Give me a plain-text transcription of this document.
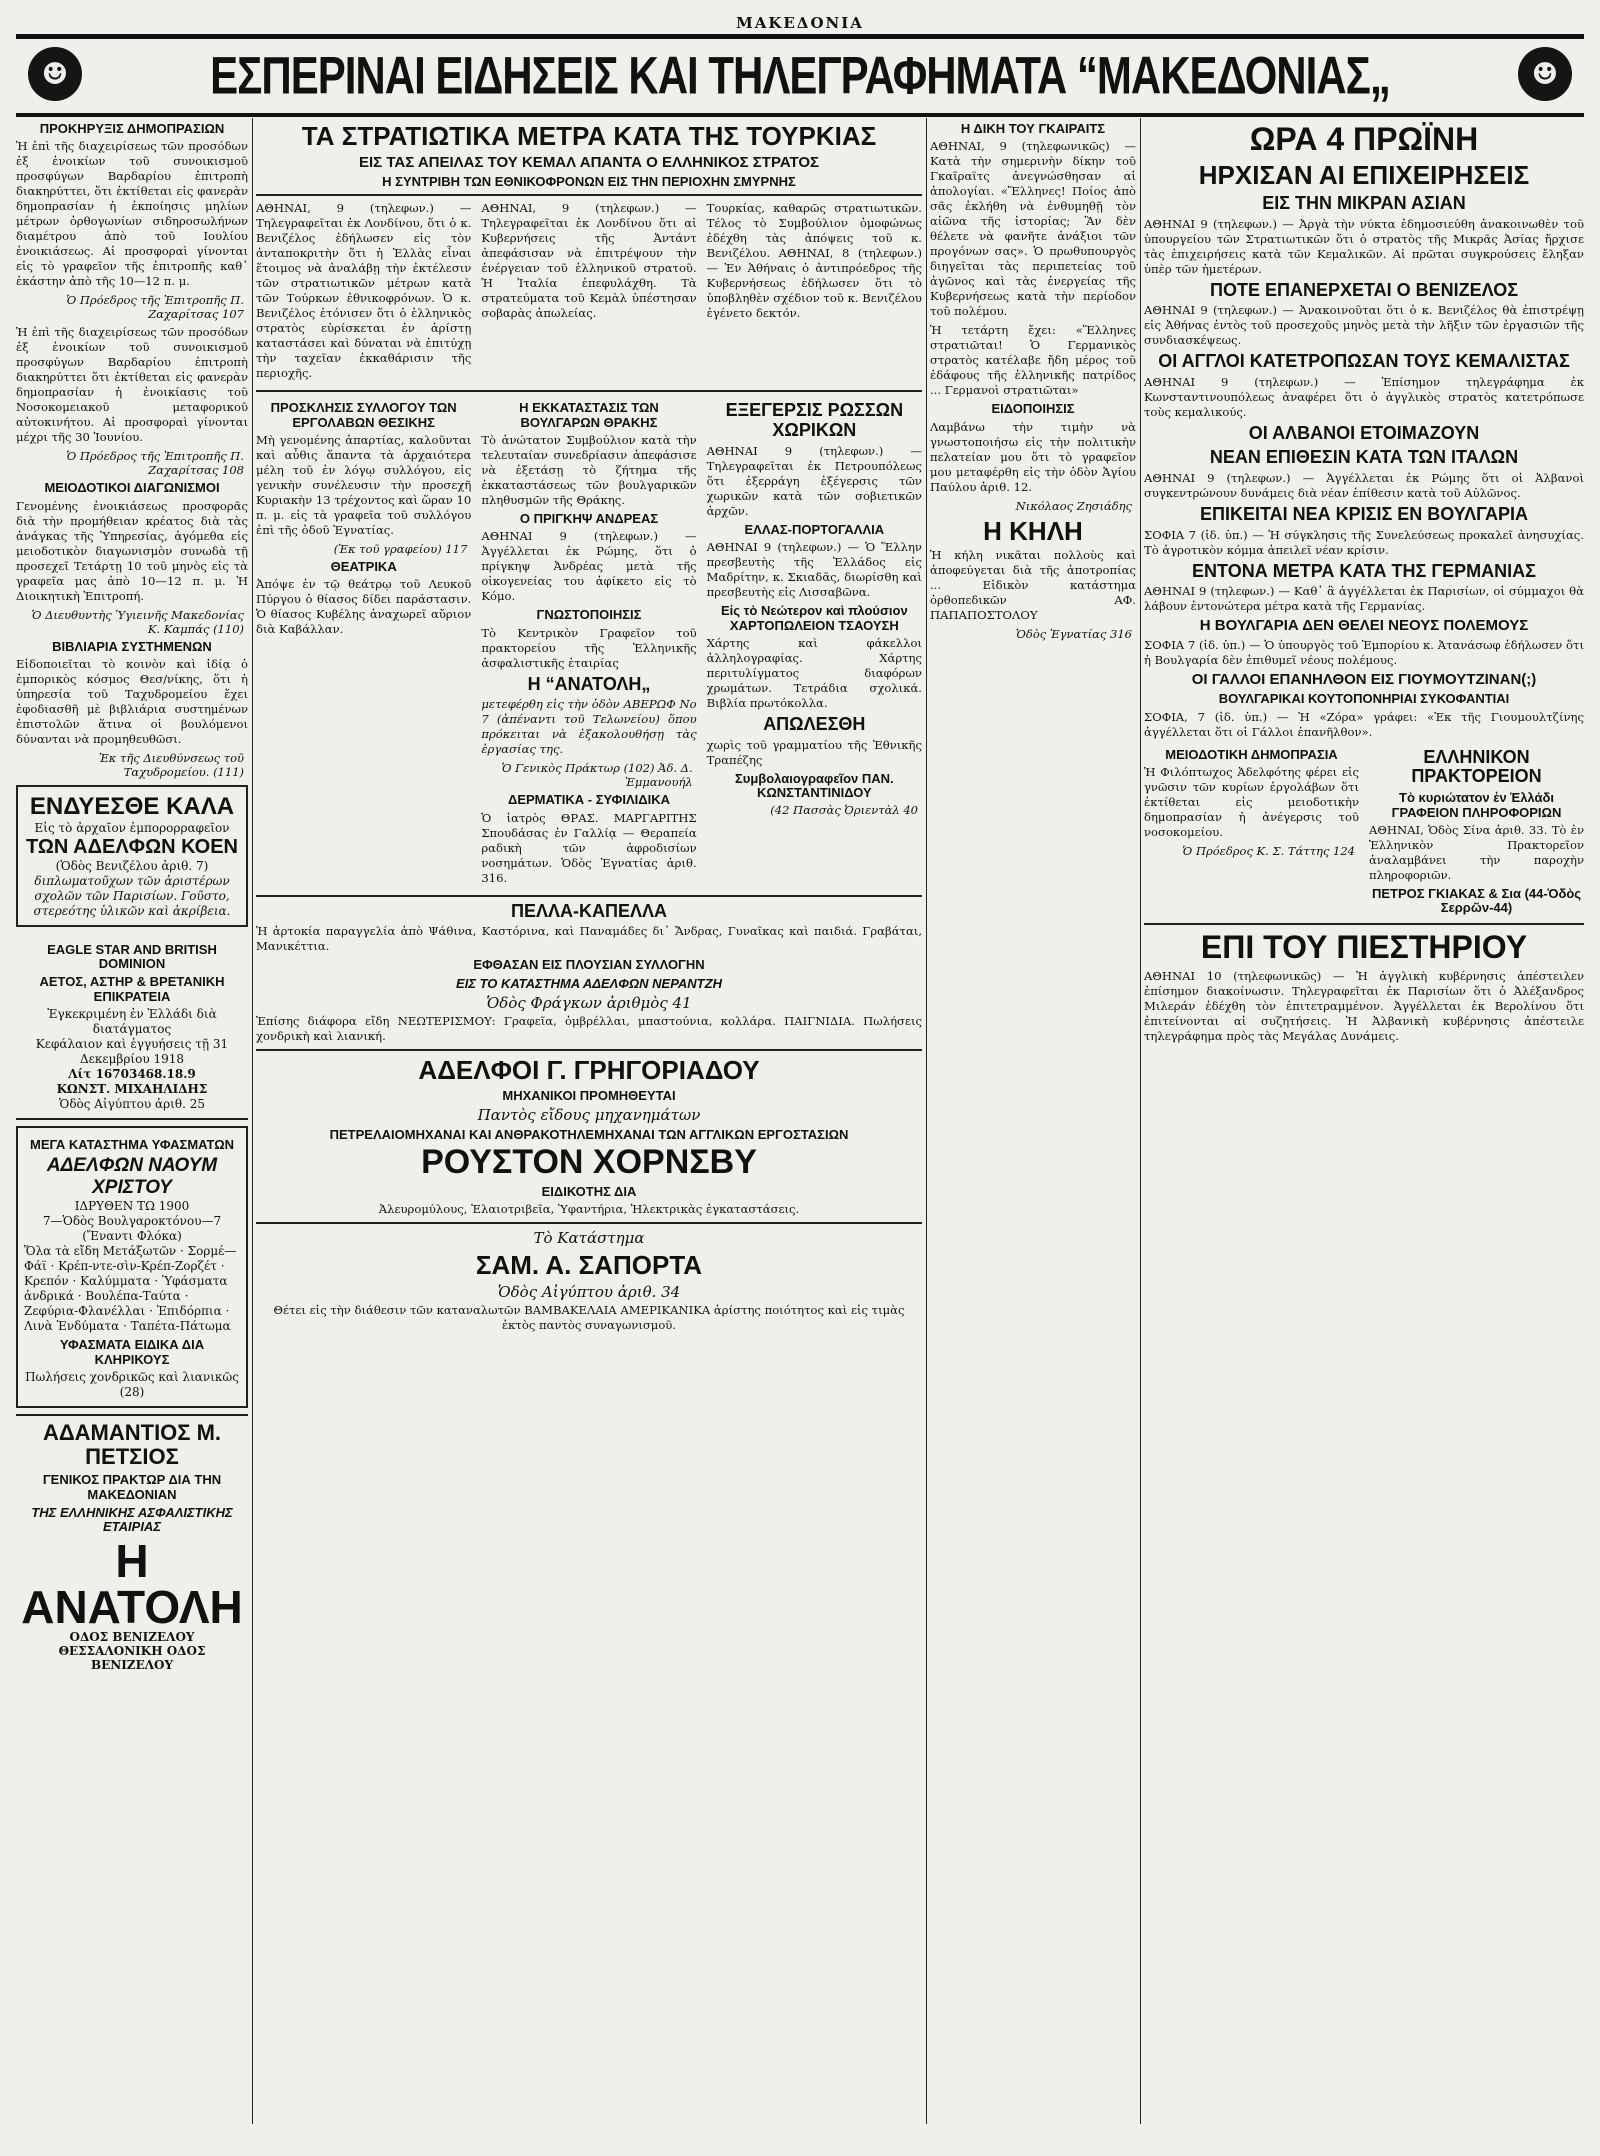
ΜΑΚΕΔΟΝΙΑ
☻	ΕΣΠΕΡΙΝΑΙ ΕΙΔΗΣΕΙΣ ΚΑΙ ΤΗΛΕΓΡΑΦΗΜΑΤΑ “ΜΑΚΕΔΟΝΙΑΣ„	☻
ΠΡΟΚΗΡΥΞΙΣ ΔΗΜΟΠΡΑΣΙΩΝ

Ἡ ἐπὶ τῆς διαχειρίσεως τῶν προσόδων ἐξ ἐνοικίων τοῦ συνοικισμοῦ προσφύγων Βαρδαρίου ἐπιτροπὴ διακηρύττει, ὅτι ἐκτίθεται εἰς φανερὰν δημοπρασίαν ἡ ἐκποίησις μηλίων μέτρων ὀρθογωνίων σιδηροσωλήνων διαμέτρου ἀπὸ τοῦ Ιουλίου ἐνοικιάσεως. Αἱ προσφοραὶ γίνονται εἰς τὸ γραφεῖον τῆς ἐπιτροπῆς καθ᾽ ἑκάστην ἀπὸ τῆς 10—12 π. μ.

Ὁ Πρόεδρος τῆς Ἐπιτροπῆς Π. Ζαχαρίτσας 107

Ἡ ἐπὶ τῆς διαχειρίσεως τῶν προσόδων ἐξ ἐνοικίων τοῦ συνοικισμοῦ προσφύγων Βαρδαρίου ἐπιτροπὴ διακηρύττει ὅτι ἐκτίθεται εἰς φανερὰν δημοπρασίαν ἡ ἐνοικίασις τοῦ Νοσοκομειακοῦ μεταφορικοῦ αὐτοκινήτου. Αἱ προσφοραὶ γίνονται μέχρι τῆς 30 Ἰουνίου.

Ὁ Πρόεδρος τῆς Ἐπιτροπῆς Π. Ζαχαρίτσας 108
ΜΕΙΟΔΟΤΙΚΟΙ ΔΙΑΓΩΝΙΣΜΟΙ

Γενομένης ἐνοικιάσεως προσφορᾶς διὰ τὴν προμήθειαν κρέατος διὰ τὰς ἀνάγκας τῆς Ὑπηρεσίας, ἀγόμεθα εἰς μειοδοτικὸν διαγωνισμὸν συνωδὰ τῇ προσεχεῖ Τετάρτῃ 10 τοῦ μηνὸς εἰς τὰ γραφεῖα μας ἀπὸ 10—12 π. μ. Ἡ Διοικητικὴ Ἐπιτροπή.

Ὁ Διευθυντὴς Ὑγιεινῆς Μακεδονίας Κ. Καμπάς (110)
ΒΙΒΛΙΑΡΙΑ ΣΥΣΤΗΜΕΝΩΝ

Εἰδοποιεῖται τὸ κοινὸν καὶ ἰδίᾳ ὁ ἐμπορικὸς κόσμος Θεσ/νίκης, ὅτι ἡ ὑπηρεσία τοῦ Ταχυδρομείου ἔχει ἐφοδιασθῆ μὲ βιβλιάρια συστημένων ἐπιστολῶν ἅτινα οἱ βουλόμενοι δύνανται νὰ προμηθευθῶσι.

Ἐκ τῆς Διευθύνσεως τοῦ Ταχυδρομείου. (111)
ΕΝΔΥΕΣΘΕ ΚΑΛΑ
Εἰς τὸ ἀρχαῖον ἐμπορορραφεῖον
ΤΩΝ ΑΔΕΛΦΩΝ ΚΟΕΝ
(Ὁδὸς Βενιζέλου ἀριθ. 7)
διπλωματοῦχων τῶν ἀριστέρων σχολῶν τῶν Παρισίων. Γοῦστο, στερεότης ὑλικῶν καὶ ἀκρίβεια.
EAGLE STAR AND BRITISH DOMINION
ΑΕΤΟΣ, ΑΣΤΗΡ & ΒΡΕΤΑΝΙΚΗ ΕΠΙΚΡΑΤΕΙΑ
Ἐγκεκριμένη ἐν Ἑλλάδι διὰ διατάγματος
Κεφάλαιον καὶ ἐγγυήσεις τῇ 31 Δεκεμβρίου 1918
Λίτ 16703468.18.9
ΚΩΝΣΤ. ΜΙΧΑΗΛΙΔΗΣ
Ὁδὸς Αἰγύπτου ἀριθ. 25
ΜΕΓΑ ΚΑΤΑΣΤΗΜΑ ΥΦΑΣΜΑΤΩΝ
ΑΔΕΛΦΩΝ ΝΑΟΥΜ ΧΡΙΣΤΟΥ
ΙΔΡΥΘΕΝ ΤΩ 1900
7—Ὁδὸς Βουλγαροκτόνου—7 (Ἔναντι Φλόκα)
Ὅλα τὰ εἴδη Μετάξωτῶν · Σορμέ—Φάϊ · Κρέπ-ντε-σὶν-Κρέπ-Ζορζέτ · Κρεπόν · Καλύμματα · Ὑφάσματα ἀνδρικά · Βουλέπα-Ταύτα · Ζεφύρια-Φλανέλλαι · Ἐπιδόρπια · Λινὰ Ἐνδύματα · Ταπέτα-Πάτωμα
ΥΦΑΣΜΑΤΑ ΕΙΔΙΚΑ ΔΙΑ ΚΛΗΡΙΚΟΥΣ
Πωλήσεις χονδρικῶς καὶ λιανικῶς (28)
ΑΔΑΜΑΝΤΙΟΣ Μ. ΠΕΤΣΙΟΣ
ΓΕΝΙΚΟΣ ΠΡΑΚΤΩΡ ΔΙΑ ΤΗΝ ΜΑΚΕΔΟΝΙΑΝ
ΤΗΣ ΕΛΛΗΝΙΚΗΣ ΑΣΦΑΛΙΣΤΙΚΗΣ ΕΤΑΙΡΙΑΣ
Η ΑΝΑΤΟΛΗ
ΟΔΟΣ ΒΕΝΙΖΕΛΟΥ ΘΕΣΣΑΛΟΝΙΚΗ ΟΔΟΣ ΒΕΝΙΖΕΛΟΥ
ΤΑ ΣΤΡΑΤΙΩΤΙΚΑ ΜΕΤΡΑ ΚΑΤΑ ΤΗΣ ΤΟΥΡΚΙΑΣ
ΕΙΣ ΤΑΣ ΑΠΕΙΛΑΣ ΤΟΥ ΚΕΜΑΛ ΑΠΑΝΤΑ Ο ΕΛΛΗΝΙΚΟΣ ΣΤΡΑΤΟΣ
Η ΣΥΝΤΡΙΒΗ ΤΩΝ ΕΘΝΙΚΟΦΡΟΝΩΝ ΕΙΣ ΤΗΝ ΠΕΡΙΟΧΗΝ ΣΜΥΡΝΗΣ

ΑΘΗΝΑΙ, 9 (τηλεφων.) — Τηλεγραφεῖται ἐκ Λονδίνου, ὅτι ὁ κ. Βενιζέλος ἐδήλωσεν εἰς τὸν ἀνταποκριτὴν ὅτι ἡ Ἑλλὰς εἶναι ἕτοιμος νὰ ἀναλάβῃ τὴν ἐκτέλεσιν τῶν στρατιωτικῶν μέτρων κατὰ τῶν Τούρκων ἐθνικοφρόνων. Ὁ κ. Βενιζέλος ἐτόνισεν ὅτι ὁ ἑλληνικὸς στρατὸς εὑρίσκεται ἐν ἀρίστῃ καταστάσει καὶ δύναται νὰ ἐπιτύχῃ τὴν ταχεῖαν ἐκκαθάρισιν τῆς περιοχῆς.

ΑΘΗΝΑΙ, 9 (τηλεφων.) — Τηλεγραφεῖται ἐκ Λονδίνου ὅτι αἱ Κυβερνήσεις τῆς Ἀντάντ ἀπεφάσισαν νὰ ἐπιτρέψουν τὴν ἐνέργειαν τοῦ ἑλληνικοῦ στρατοῦ. Ἡ Ἰταλία ἐπεφυλάχθη. Τὰ στρατεύματα τοῦ Κεμὰλ ὑπέστησαν σοβαρὰς ἀπωλείας.

Τουρκίας, καθαρῶς στρατιωτικῶν. Τέλος τὸ Συμβούλιον ὁμοφώνως ἐδέχθη τὰς ἀπόψεις τοῦ κ. Βενιζέλου. ΑΘΗΝΑΙ, 8 (τηλεφων.) — Ἐν Ἀθήναις ὁ ἀντιπρόεδρος τῆς Κυβερνήσεως ἐδήλωσεν ὅτι τὸ ὑποβληθὲν σχέδιον τοῦ κ. Βενιζέλου ἐγένετο δεκτόν.

ΠΡΟΣΚΛΗΣΙΣ ΣΥΛΛΟΓΟΥ ΤΩΝ ΕΡΓΟΛΑΒΩΝ ΘΕΣΙΚΗΣ

Μὴ γενομένης ἀπαρτίας, καλοῦνται καὶ αὖθις ἅπαντα τὰ ἀρχαιότερα μέλη τοῦ ἐν λόγῳ συλλόγου, εἰς γενικὴν συνέλευσιν τὴν προσεχῆ Κυριακὴν 13 τρέχοντος καὶ ὥραν 10 π. μ. εἰς τὰ γραφεῖα τοῦ συλλόγου ἐπὶ τῆς ὁδοῦ Ἐγνατίας.

(Ἐκ τοῦ γραφείου) 117
ΘΕΑΤΡΙΚΑ

Ἀπόψε ἐν τῷ θεάτρῳ τοῦ Λευκοῦ Πύργου ὁ θίασος δίδει παράστασιν. Ὁ θίασος Κυβέλης ἀναχωρεῖ αὔριον διὰ Καβάλλαν.

Η ΕΚΚΑΤΑΣΤΑΣΙΣ ΤΩΝ ΒΟΥΛΓΑΡΩΝ ΘΡΑΚΗΣ

Τὸ ἀνώτατον Συμβούλιον κατὰ τὴν τελευταίαν συνεδρίασιν ἀπεφάσισε νὰ ἐξετάσῃ τὸ ζήτημα τῆς ἐκκαταστάσεως τῶν βουλγαρικῶν πληθυσμῶν τῆς Θράκης.

Ο ΠΡΙΓΚΗΨ ΑΝΔΡΕΑΣ

ΑΘΗΝΑΙ 9 (τηλεφων.) — Ἀγγέλλεται ἐκ Ρώμης, ὅτι ὁ πρίγκηψ Ἀνδρέας μετὰ τῆς οἰκογενείας του ἀφίκετο εἰς τὸ Κόμο.

ΓΝΩΣΤΟΠΟΙΗΣΙΣ

Τὸ Κεντρικὸν Γραφεῖον τοῦ πρακτορείου τῆς Ἑλληνικῆς ἀσφαλιστικῆς ἑταιρίας

Η “ΑΝΑΤΟΛΗ„

μετεφέρθη εἰς τὴν ὁδὸν ΑΒΕΡΩΦ Νο 7 (ἀπέναντι τοῦ Τελωνείου) ὅπου πρόκειται νὰ ἐξακολουθήσῃ τὰς ἐργασίας της.

Ὁ Γενικὸς Πράκτωρ (102) Ἀδ. Δ. Ἐμμανουήλ
ΔΕΡΜΑΤΙΚΑ - ΣΥΦΙΛΙΔΙΚΑ

Ὁ ἰατρὸς ΘΡΑΣ. ΜΑΡΓΑΡΙΤΗΣ Σπουδάσας ἐν Γαλλίᾳ — Θεραπεία ραδικὴ τῶν ἀφροδισίων νοσημάτων. Ὁδὸς Ἐγνατίας ἀριθ. 316.

ΕΞΕΓΕΡΣΙΣ ΡΩΣΣΩΝ ΧΩΡΙΚΩΝ

ΑΘΗΝΑΙ 9 (τηλεφων.) — Τηλεγραφεῖται ἐκ Πετρουπόλεως ὅτι ἐξερράγη ἐξέγερσις τῶν χωρικῶν κατὰ τῶν σοβιετικῶν ἀρχῶν.

ΕΛΛΑΣ-ΠΟΡΤΟΓΑΛΛΙΑ

ΑΘΗΝΑΙ 9 (τηλεφων.) — Ὁ Ἕλλην πρεσβευτὴς τῆς Ἑλλάδος εἰς Μαδρίτην, κ. Σκιαδᾶς, διωρίσθη καὶ πρεσβευτὴς εἰς Λισσαβῶνα.

Εἰς τὸ Νεώτερον καὶ πλούσιον ΧΑΡΤΟΠΩΛΕΙΟΝ ΤΣΑΟΥΣΗ

Χάρτης καὶ φάκελλοι ἀλληλογραφίας. Χάρτης περιτυλίγματος διαφόρων χρωμάτων. Τετράδια σχολικά. Βιβλία πρωτόκολλα.

ΑΠΩΛΕΣΘΗ

χωρὶς τοῦ γραμματίου τῆς Ἐθνικῆς Τραπέζης

Συμβολαιογραφεῖον ΠΑΝ. ΚΩΝΣΤΑΝΤΙΝΙΔΟΥ
(42 Πασσὰς Ὀριεντὰλ 40
ΠΕΛΛΑ-ΚΑΠΕΛΛΑ

Ἡ ἀρτοκία παραγγελία ἀπὸ Ψάθινα, Καστόρινα, καὶ Παναμάδες δι᾽ Ἄνδρας, Γυναῖκας καὶ παιδιά. Γραβάται, Μανικέττια.

ΕΦΘΑΣΑΝ ΕΙΣ ΠΛΟΥΣΙΑΝ ΣΥΛΛΟΓΗΝ
ΕΙΣ ΤΟ ΚΑΤΑΣΤΗΜΑ ΑΔΕΛΦΩΝ ΝΕΡΑΝΤΖΗ
Ὁδὸς Φράγκων ἀριθμὸς 41

Ἐπίσης διάφορα εἴδη ΝΕΩΤΕΡΙΣΜΟΥ: Γραφεῖα, ὀμβρέλλαι, μπαστούνια, κολλάρα. ΠΑΙΓΝΙΔΙΑ. Πωλήσεις χονδρικὴ καὶ λιανική.

ΑΔΕΛΦΟΙ Γ. ΓΡΗΓΟΡΙΑΔΟΥ
ΜΗΧΑΝΙΚΟΙ ΠΡΟΜΗΘΕΥΤΑΙ
Παντὸς εἴδους μηχανημάτων
ΠΕΤΡΕΛΑΙΟΜΗΧΑΝΑΙ ΚΑΙ ΑΝΘΡΑΚΟΤΗΛΕΜΗΧΑΝΑΙ ΤΩΝ ΑΓΓΛΙΚΩΝ ΕΡΓΟΣΤΑΣΙΩΝ
ΡΟΥΣΤΟΝ ΧΟΡΝΣΒΥ
ΕΙΔΙΚΟΤΗΣ ΔΙΑ

Ἀλευρομύλους, Ἐλαιοτριβεῖα, Ὑφαντήρια, Ἠλεκτρικὰς ἐγκαταστάσεις.

Τὸ Κατάστημα
ΣΑΜ. Α. ΣΑΠΟΡΤΑ
Ὁδὸς Αἰγύπτου ἀριθ. 34

Θέτει εἰς τὴν διάθεσιν τῶν καταναλωτῶν ΒΑΜΒΑΚΕΛΑΙΑ ΑΜΕΡΙΚΑΝΙΚΑ ἀρίστης ποιότητος καὶ εἰς τιμὰς ἐκτὸς παντὸς συναγωνισμοῦ.

Η ΔΙΚΗ ΤΟΥ ΓΚΑΙΡΑΙΤΣ

ΑΘΗΝΑΙ, 9 (τηλεφωνικῶς) — Κατὰ τὴν σημερινὴν δίκην τοῦ Γκαῖραϊτς ἀνεγνώσθησαν αἱ ἀπολογίαι. «Ἕλληνες! Ποίος ἀπὸ σᾶς ἐκλήθη νὰ ἐνθυμηθῇ τὸν αἰῶνα τῆς ἱστορίας; Ἂν δὲν θέλετε νὰ φανῆτε ἀνάξιοι τῶν προγόνων σας». Ὁ πρωθυπουργὸς διηγεῖται τὰς περιπετείας τοῦ ἀγῶνος καὶ τὰς ἐνεργείας τῆς Κυβερνήσεως κατὰ τὴν περίοδον τοῦ πολέμου.

Ἡ τετάρτη ἔχει: «Ἕλληνες στρατιῶται! Ὁ Γερμανικὸς στρατὸς κατέλαβε ἤδη μέρος τοῦ ἐδάφους τῆς ἑλληνικῆς πατρίδος ... Γερμανοὶ στρατιῶται»

ΕΙΔΟΠΟΙΗΣΙΣ

Λαμβάνω τὴν τιμὴν νὰ γνωστοποιήσω εἰς τὴν πολιτικὴν πελατείαν μου ὅτι τὸ γραφεῖον μου μεταφέρθη εἰς τὴν ὁδὸν Ἁγίου Παύλου ἀριθ. 12.

Νικόλαος Ζησιάδης
Η ΚΗΛΗ

Ἡ κήλη νικᾶται πολλοὺς καὶ ἀποφεύγεται διὰ τῆς ἀποτροπίας ... Εἰδικὸν κατάστημα ὀρθοπεδικῶν ΑΦ. ΠΑΠΑΠΟΣΤΟΛΟΥ

Ὁδὸς Ἐγνατίας 316
ΩΡΑ 4 ΠΡΩΪΝΗ
ΗΡΧΙΣΑΝ ΑΙ ΕΠΙΧΕΙΡΗΣΕΙΣ
ΕΙΣ ΤΗΝ ΜΙΚΡΑΝ ΑΣΙΑΝ

ΑΘΗΝΑΙ 9 (τηλεφων.) — Ἀργὰ τὴν νύκτα ἐδημοσιεύθη ἀνακοινωθὲν τοῦ ὑπουργείου τῶν Στρατιωτικῶν ὅτι ὁ στρατὸς τῆς Μικρᾶς Ἀσίας ἤρχισε τὰς ἐπιχειρήσεις κατὰ τῶν Κεμαλικῶν. Αἱ πρῶται συγκρούσεις ἔληξαν ὑπὲρ τῶν ἡμετέρων.

ΠΟΤΕ ΕΠΑΝΕΡΧΕΤΑΙ Ο ΒΕΝΙΖΕΛΟΣ

ΑΘΗΝΑΙ 9 (τηλεφων.) — Ἀνακοινοῦται ὅτι ὁ κ. Βενιζέλος θὰ ἐπιστρέψῃ εἰς Ἀθήνας ἐντὸς τοῦ προσεχοῦς μηνὸς μετὰ τὴν λῆξιν τῶν ἐργασιῶν τῆς συνδιασκέψεως.

ΟΙ ΑΓΓΛΟΙ ΚΑΤΕΤΡΟΠΩΣΑΝ ΤΟΥΣ ΚΕΜΑΛΙΣΤΑΣ

ΑΘΗΝΑΙ 9 (τηλεφων.) — Ἐπίσημον τηλεγράφημα ἐκ Κωνσταντινουπόλεως ἀναφέρει ὅτι ὁ ἀγγλικὸς στρατὸς κατετρόπωσε τοὺς κεμαλικούς.

ΟΙ ΑΛΒΑΝΟΙ ΕΤΟΙΜΑΖΟΥΝ
ΝΕΑΝ ΕΠΙΘΕΣΙΝ ΚΑΤΑ ΤΩΝ ΙΤΑΛΩΝ

ΑΘΗΝΑΙ 9 (τηλεφων.) — Ἀγγέλλεται ἐκ Ρώμης ὅτι οἱ Ἀλβανοὶ συγκεντρώνουν δυνάμεις διὰ νέαν ἐπίθεσιν κατὰ τοῦ Αὐλῶνος.

ΕΠΙΚΕΙΤΑΙ ΝΕΑ ΚΡΙΣΙΣ ΕΝ ΒΟΥΛΓΑΡΙΑ

ΣΟΦΙΑ 7 (ἰδ. ὑπ.) — Ἡ σύγκλησις τῆς Συνελεύσεως προκαλεῖ ἀνησυχίας. Τὸ ἀγροτικὸν κόμμα ἀπειλεῖ νέαν κρίσιν.

ΕΝΤΟΝΑ ΜΕΤΡΑ ΚΑΤΑ ΤΗΣ ΓΕΡΜΑΝΙΑΣ

ΑΘΗΝΑΙ 9 (τηλεφων.) — Καθ᾽ ἃ ἀγγέλλεται ἐκ Παρισίων, οἱ σύμμαχοι θὰ λάβουν ἐντονώτερα μέτρα κατὰ τῆς Γερμανίας.

Η ΒΟΥΛΓΑΡΙΑ ΔΕΝ ΘΕΛΕΙ ΝΕΟΥΣ ΠΟΛΕΜΟΥΣ

ΣΟΦΙΑ 7 (ἰδ. ὑπ.) — Ὁ ὑπουργὸς τοῦ Ἐμπορίου κ. Ἀτανάσωφ ἐδήλωσεν ὅτι ἡ Βουλγαρία δὲν ἐπιθυμεῖ νέους πολέμους.

ΟΙ ΓΑΛΛΟΙ ΕΠΑΝΗΛΘΟΝ ΕΙΣ ΓΙΟΥΜΟΥΤΖΙΝΑΝ(;)
ΒΟΥΛΓΑΡΙΚΑΙ ΚΟΥΤΟΠΟΝΗΡΙΑΙ ΣΥΚΟΦΑΝΤΙΑΙ

ΣΟΦΙΑ, 7 (ἰδ. ὑπ.) — Ἡ «Ζόρα» γράφει: «Ἐκ τῆς Γιουμουλτζίνης ἀγγέλλεται ὅτι οἱ Γάλλοι ἐπανῆλθον».

ΜΕΙΟΔΟΤΙΚΗ ΔΗΜΟΠΡΑΣΙΑ

Ἡ Φιλόπτωχος Ἀδελφότης φέρει εἰς γνῶσιν τῶν κυρίων ἐργολάβων ὅτι ἐκτίθεται εἰς μειοδοτικὴν δημοπρασίαν ἡ ἀνέγερσις τοῦ νοσοκομείου.

Ὁ Πρόεδρος Κ. Σ. Τάττης 124
ΕΛΛΗΝΙΚΟΝ ΠΡΑΚΤΟΡΕΙΟΝ
Τὸ κυριώτατον ἐν Ἑλλάδι ΓΡΑΦΕΙΟΝ ΠΛΗΡΟΦΟΡΙΩΝ

ΑΘΗΝΑΙ, Ὁδὸς Σίνα ἀριθ. 33. Τὸ ἐν Ἑλληνικὸν Πρακτορεῖον ἀναλαμβάνει τὴν παροχὴν πληροφοριῶν.

ΠΕΤΡΟΣ ΓΚΙΑΚΑΣ & Σια (44-Ὁδὸς Σερρῶν-44)
ΕΠΙ ΤΟΥ ΠΙΕΣΤΗΡΙΟΥ

ΑΘΗΝΑΙ 10 (τηλεφωνικῶς) — Ἡ ἀγγλικὴ κυβέρνησις ἀπέστειλεν ἐπίσημον διακοίνωσιν. Τηλεγραφεῖται ἐκ Παρισίων ὅτι ὁ Ἀλέξανδρος Μιλεράν ἐδέχθη τὸν ἐπιτετραμμένον. Ἀγγέλλεται ἐκ Βερολίνου ὅτι ἐπιτείνονται αἱ συζητήσεις. Ἡ Ἀλβανικὴ κυβέρνησις ἀπέστειλε τηλεγράφημα πρὸς τὰς Μεγάλας Δυνάμεις.
